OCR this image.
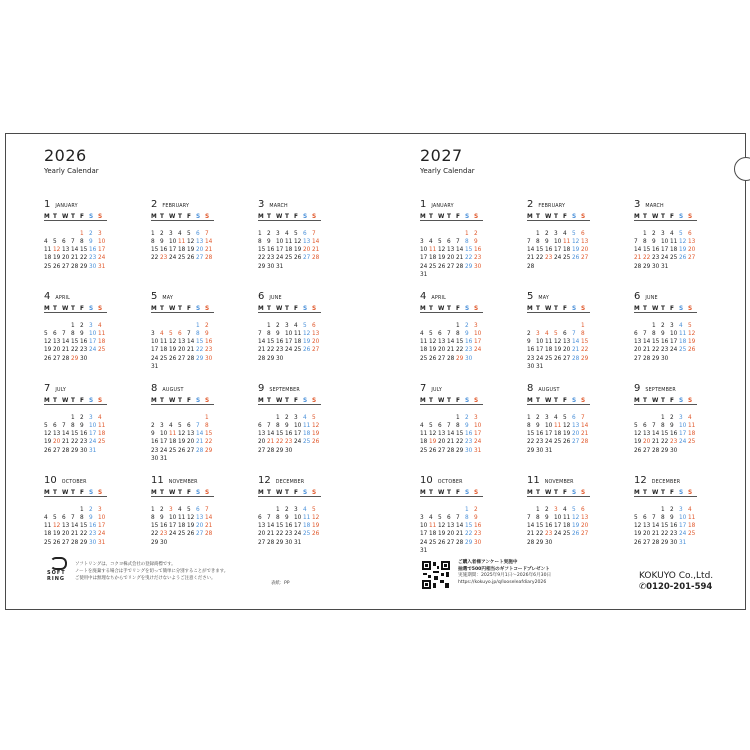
2026
Yearly Calendar
1 JANUARY
M T W T F S S
1 2 3
4 5 6 7 8 9 10
11 12 13 14 15 16 17
18 19 20 21 22 23 24
25 26 27 28 29 30 31
2 FEBRUARY
M T W T F S S
1 2 3 4 5 6 7
8 9 10 11 12 13 14
15 16 17 18 19 20 21
22 23 24 25 26 27 28
3 MARCH
M T W T F S S
1 2 3 4 5 6 7
8 9 10 11 12 13 14
15 16 17 18 19 20 21
22 23 24 25 26 27 28
29 30 31
4 APRIL
M T W T F S S
1 2 3 4
5 6 7 8 9 10 11
12 13 14 15 16 17 18
19 20 21 22 23 24 25
26 27 28 29 30
5 MAY
M T W T F S S
1 2
3 4 5 6 7 8 9
10 11 12 13 14 15 16
17 18 19 20 21 22 23
24 25 26 27 28 29 30
31
6 JUNE
M T W T F S S
1 2 3 4 5 6
7 8 9 10 11 12 13
14 15 16 17 18 19 20
21 22 23 24 25 26 27
28 29 30
7 JULY
M T W T F S S
1 2 3 4
5 6 7 8 9 10 11
12 13 14 15 16 17 18
19 20 21 22 23 24 25
26 27 28 29 30 31
8 AUGUST
M T W T F S S
1
2 3 4 5 6 7 8
9 10 11 12 13 14 15
16 17 18 19 20 21 22
23 24 25 26 27 28 29
30 31
9 SEPTEMBER
M T W T F S S
1 2 3 4 5
6 7 8 9 10 11 12
13 14 15 16 17 18 19
20 21 22 23 24 25 26
27 28 29 30
10 OCTOBER
M T W T F S S
1 2 3
4 5 6 7 8 9 10
11 12 13 14 15 16 17
18 19 20 21 22 23 24
25 26 27 28 29 30 31
11 NOVEMBER
M T W T F S S
1 2 3 4 5 6 7
8 9 10 11 12 13 14
15 16 17 18 19 20 21
22 23 24 25 26 27 28
29 30
12 DECEMBER
M T W T F S S
1 2 3 4 5
6 7 8 9 10 11 12
13 14 15 16 17 18 19
20 21 22 23 24 25 26
27 28 29 30 31
2027
Yearly Calendar
1 JANUARY
M T W T F S S
1 2
3 4 5 6 7 8 9
10 11 12 13 14 15 16
17 18 19 20 21 22 23
24 25 26 27 28 29 30
31
2 FEBRUARY
M T W T F S S
1 2 3 4 5 6
7 8 9 10 11 12 13
14 15 16 17 18 19 20
21 22 23 24 25 26 27
28
3 MARCH
M T W T F S S
1 2 3 4 5 6
7 8 9 10 11 12 13
14 15 16 17 18 19 20
21 22 23 24 25 26 27
28 29 30 31
4 APRIL
M T W T F S S
1 2 3
4 5 6 7 8 9 10
11 12 13 14 15 16 17
18 19 20 21 22 23 24
25 26 27 28 29 30
5 MAY
M T W T F S S
1
2 3 4 5 6 7 8
9 10 11 12 13 14 15
16 17 18 19 20 21 22
23 24 25 26 27 28 29
30 31
6 JUNE
M T W T F S S
1 2 3 4 5
6 7 8 9 10 11 12
13 14 15 16 17 18 19
20 21 22 23 24 25 26
27 28 29 30
7 JULY
M T W T F S S
1 2 3
4 5 6 7 8 9 10
11 12 13 14 15 16 17
18 19 20 21 22 23 24
25 26 27 28 29 30 31
8 AUGUST
M T W T F S S
1 2 3 4 5 6 7
8 9 10 11 12 13 14
15 16 17 18 19 20 21
22 23 24 25 26 27 28
29 30 31
9 SEPTEMBER
M T W T F S S
1 2 3 4
5 6 7 8 9 10 11
12 13 14 15 16 17 18
19 20 21 22 23 24 25
26 27 28 29 30
10 OCTOBER
M T W T F S S
1 2
3 4 5 6 7 8 9
10 11 12 13 14 15 16
17 18 19 20 21 22 23
24 25 26 27 28 29 30
31
11 NOVEMBER
M T W T F S S
1 2 3 4 5 6
7 8 9 10 11 12 13
14 15 16 17 18 19 20
21 22 23 24 25 26 27
28 29 30
12 DECEMBER
M T W T F S S
1 2 3 4
5 6 7 8 9 10 11
12 13 14 15 16 17 18
19 20 21 22 23 24 25
26 27 28 29 30 31
SOFT RING
ソフトリングは、コクヨ株式会社の登録商標です。
ノートを廃棄する場合は手でリングを切って簡単に分別することができます。
ご使用中は無理なちからでリングを曳けだけないようご注意ください。
表紙：PP
ご購入者様アンケート実施中
抽選で500円相当のギフトコードプレゼント
実施期間：2025年9月1日〜2026年6月30日
https://kokuyo.jp/q/looseleafdiary2026
KOKUYO Co.,Ltd.
✆0120-201-594
